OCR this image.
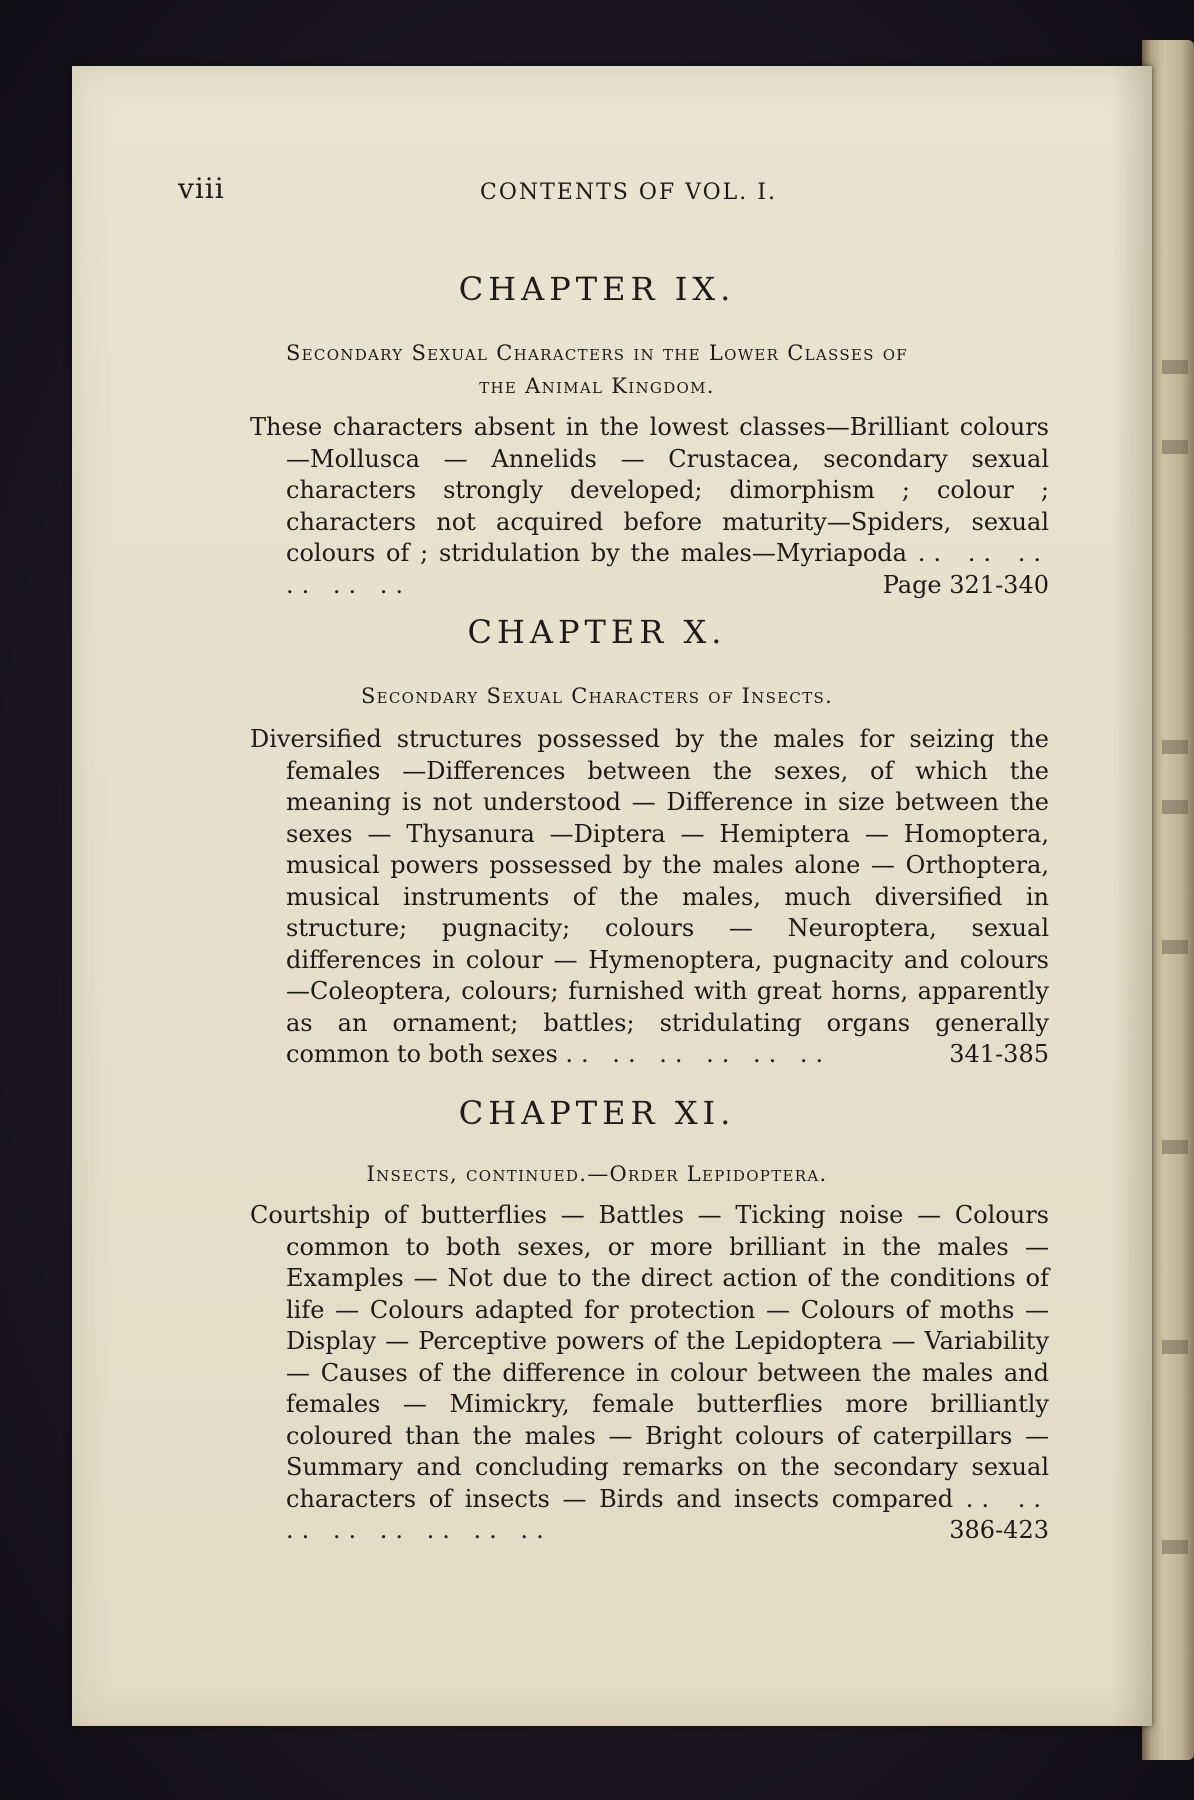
viii	CONTENTS OF VOL. I.
CHAPTER IX.
Secondary Sexual Characters in the Lower Classes of
the Animal Kingdom.
These characters absent in the lowest classes—Brilliant colours—Mollusca — Annelids — Crustacea, secondary sexual characters strongly developed; dimorphism ; colour ; characters not acquired before maturity—Spiders, sexual colours of ; stridulation by the males—Myriapoda .. .. .. .. .. ..	Page 321-340
CHAPTER X.
Secondary Sexual Characters of Insects.
Diversified structures possessed by the males for seizing the females —Differences between the sexes, of which the meaning is not understood — Difference in size between the sexes — Thysanura —Diptera — Hemiptera — Homoptera, musical powers possessed by the males alone — Orthoptera, musical instruments of the males, much diversified in structure; pugnacity; colours — Neuroptera, sexual differences in colour — Hymenoptera, pugnacity and colours—Coleoptera, colours; furnished with great horns, apparently as an ornament; battles; stridulating organs generally common to both sexes .. .. .. .. .. ..	341-385
CHAPTER XI.
Insects, continued.—Order Lepidoptera.
Courtship of butterflies — Battles — Ticking noise — Colours common to both sexes, or more brilliant in the males — Examples — Not due to the direct action of the conditions of life — Colours adapted for protection — Colours of moths — Display — Perceptive powers of the Lepidoptera — Variability — Causes of the difference in colour between the males and females — Mimickry, female butterflies more brilliantly coloured than the males — Bright colours of caterpillars — Summary and concluding remarks on the secondary sexual characters of insects — Birds and insects compared .. .. .. .. .. .. .. ..	386-423
